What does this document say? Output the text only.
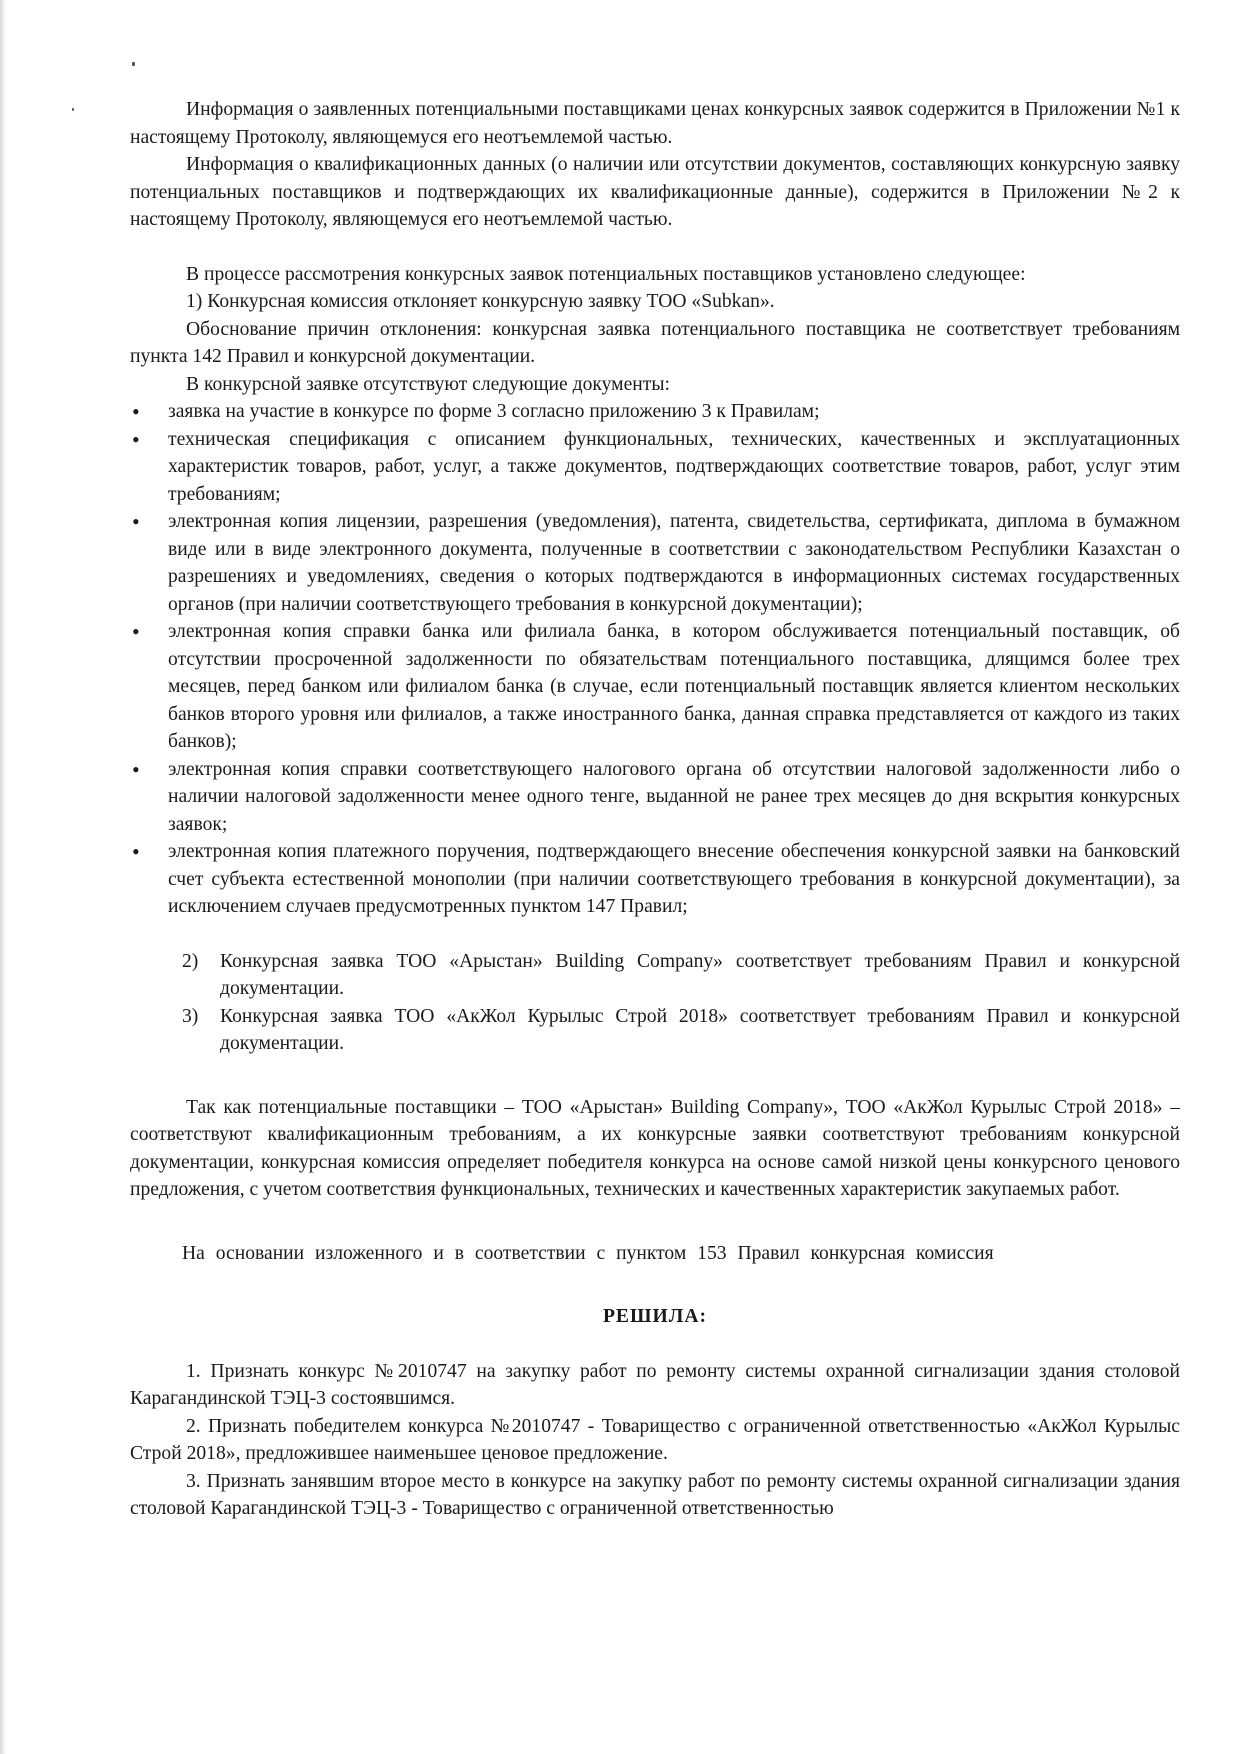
Информация о заявленных потенциальными поставщиками ценах конкурсных заявок содержится в Приложении №1 к настоящему Протоколу, являющемуся его неотъемлемой частью.

Информация о квалификационных данных (о наличии или отсутствии документов, составляющих конкурсную заявку потенциальных поставщиков и подтверждающих их квалификационные данные), содержится в Приложении №2 к настоящему Протоколу, являющемуся его неотъемлемой частью.

В процессе рассмотрения конкурсных заявок потенциальных поставщиков установлено следующее:

1) Конкурсная комиссия отклоняет конкурсную заявку ТОО «Subkan».

Обоснование причин отклонения: конкурсная заявка потенциального поставщика не соответствует требованиям пункта 142 Правил и конкурсной документации.

В конкурсной заявке отсутствуют следующие документы:

• заявка на участие в конкурсе по форме 3 согласно приложению 3 к Правилам;
• техническая спецификация с описанием функциональных, технических, качественных и эксплуатационных характеристик товаров, работ, услуг, а также документов, подтверждающих соответствие товаров, работ, услуг этим требованиям;
• электронная копия лицензии, разрешения (уведомления), патента, свидетельства, сертификата, диплома в бумажном виде или в виде электронного документа, полученные в соответствии с законодательством Республики Казахстан о разрешениях и уведомлениях, сведения о которых подтверждаются в информационных системах государственных органов (при наличии соответствующего требования в конкурсной документации);
• электронная копия справки банка или филиала банка, в котором обслуживается потенциальный поставщик, об отсутствии просроченной задолженности по обязательствам потенциального поставщика, длящимся более трех месяцев, перед банком или филиалом банка (в случае, если потенциальный поставщик является клиентом нескольких банков второго уровня или филиалов, а также иностранного банка, данная справка представляется от каждого из таких банков);
• электронная копия справки соответствующего налогового органа об отсутствии налоговой задолженности либо о наличии налоговой задолженности менее одного тенге, выданной не ранее трех месяцев до дня вскрытия конкурсных заявок;
• электронная копия платежного поручения, подтверждающего внесение обеспечения конкурсной заявки на банковский счет субъекта естественной монополии (при наличии соответствующего требования в конкурсной документации), за исключением случаев предусмотренных пунктом 147 Правил;
2) Конкурсная заявка ТОО «Арыстан» Building Company» соответствует требованиям Правил и конкурсной документации.
3) Конкурсная заявка ТОО «АкЖол Курылыс Строй 2018» соответствует требованиям Правил и конкурсной документации.

Так как потенциальные поставщики – ТОО «Арыстан» Building Company», ТОО «АкЖол Курылыс Строй 2018» – соответствуют квалификационным требованиям, а их конкурсные заявки соответствуют требованиям конкурсной документации, конкурсная комиссия определяет победителя конкурса на основе самой низкой цены конкурсного ценового предложения, с учетом соответствия функциональных, технических и качественных характеристик закупаемых работ.

На основании изложенного и в соответствии с пунктом 153 Правил конкурсная комиссия

РЕШИЛА:

1. Признать конкурс №2010747 на закупку работ по ремонту системы охранной сигнализации здания столовой Карагандинской ТЭЦ-3 состоявшимся.

2. Признать победителем конкурса №2010747 - Товарищество с ограниченной ответственностью «АкЖол Курылыс Строй 2018», предложившее наименьшее ценовое предложение.

3. Признать занявшим второе место в конкурсе на закупку работ по ремонту системы охранной сигнализации здания столовой Карагандинской ТЭЦ-3 - Товарищество с ограниченной ответственностью
